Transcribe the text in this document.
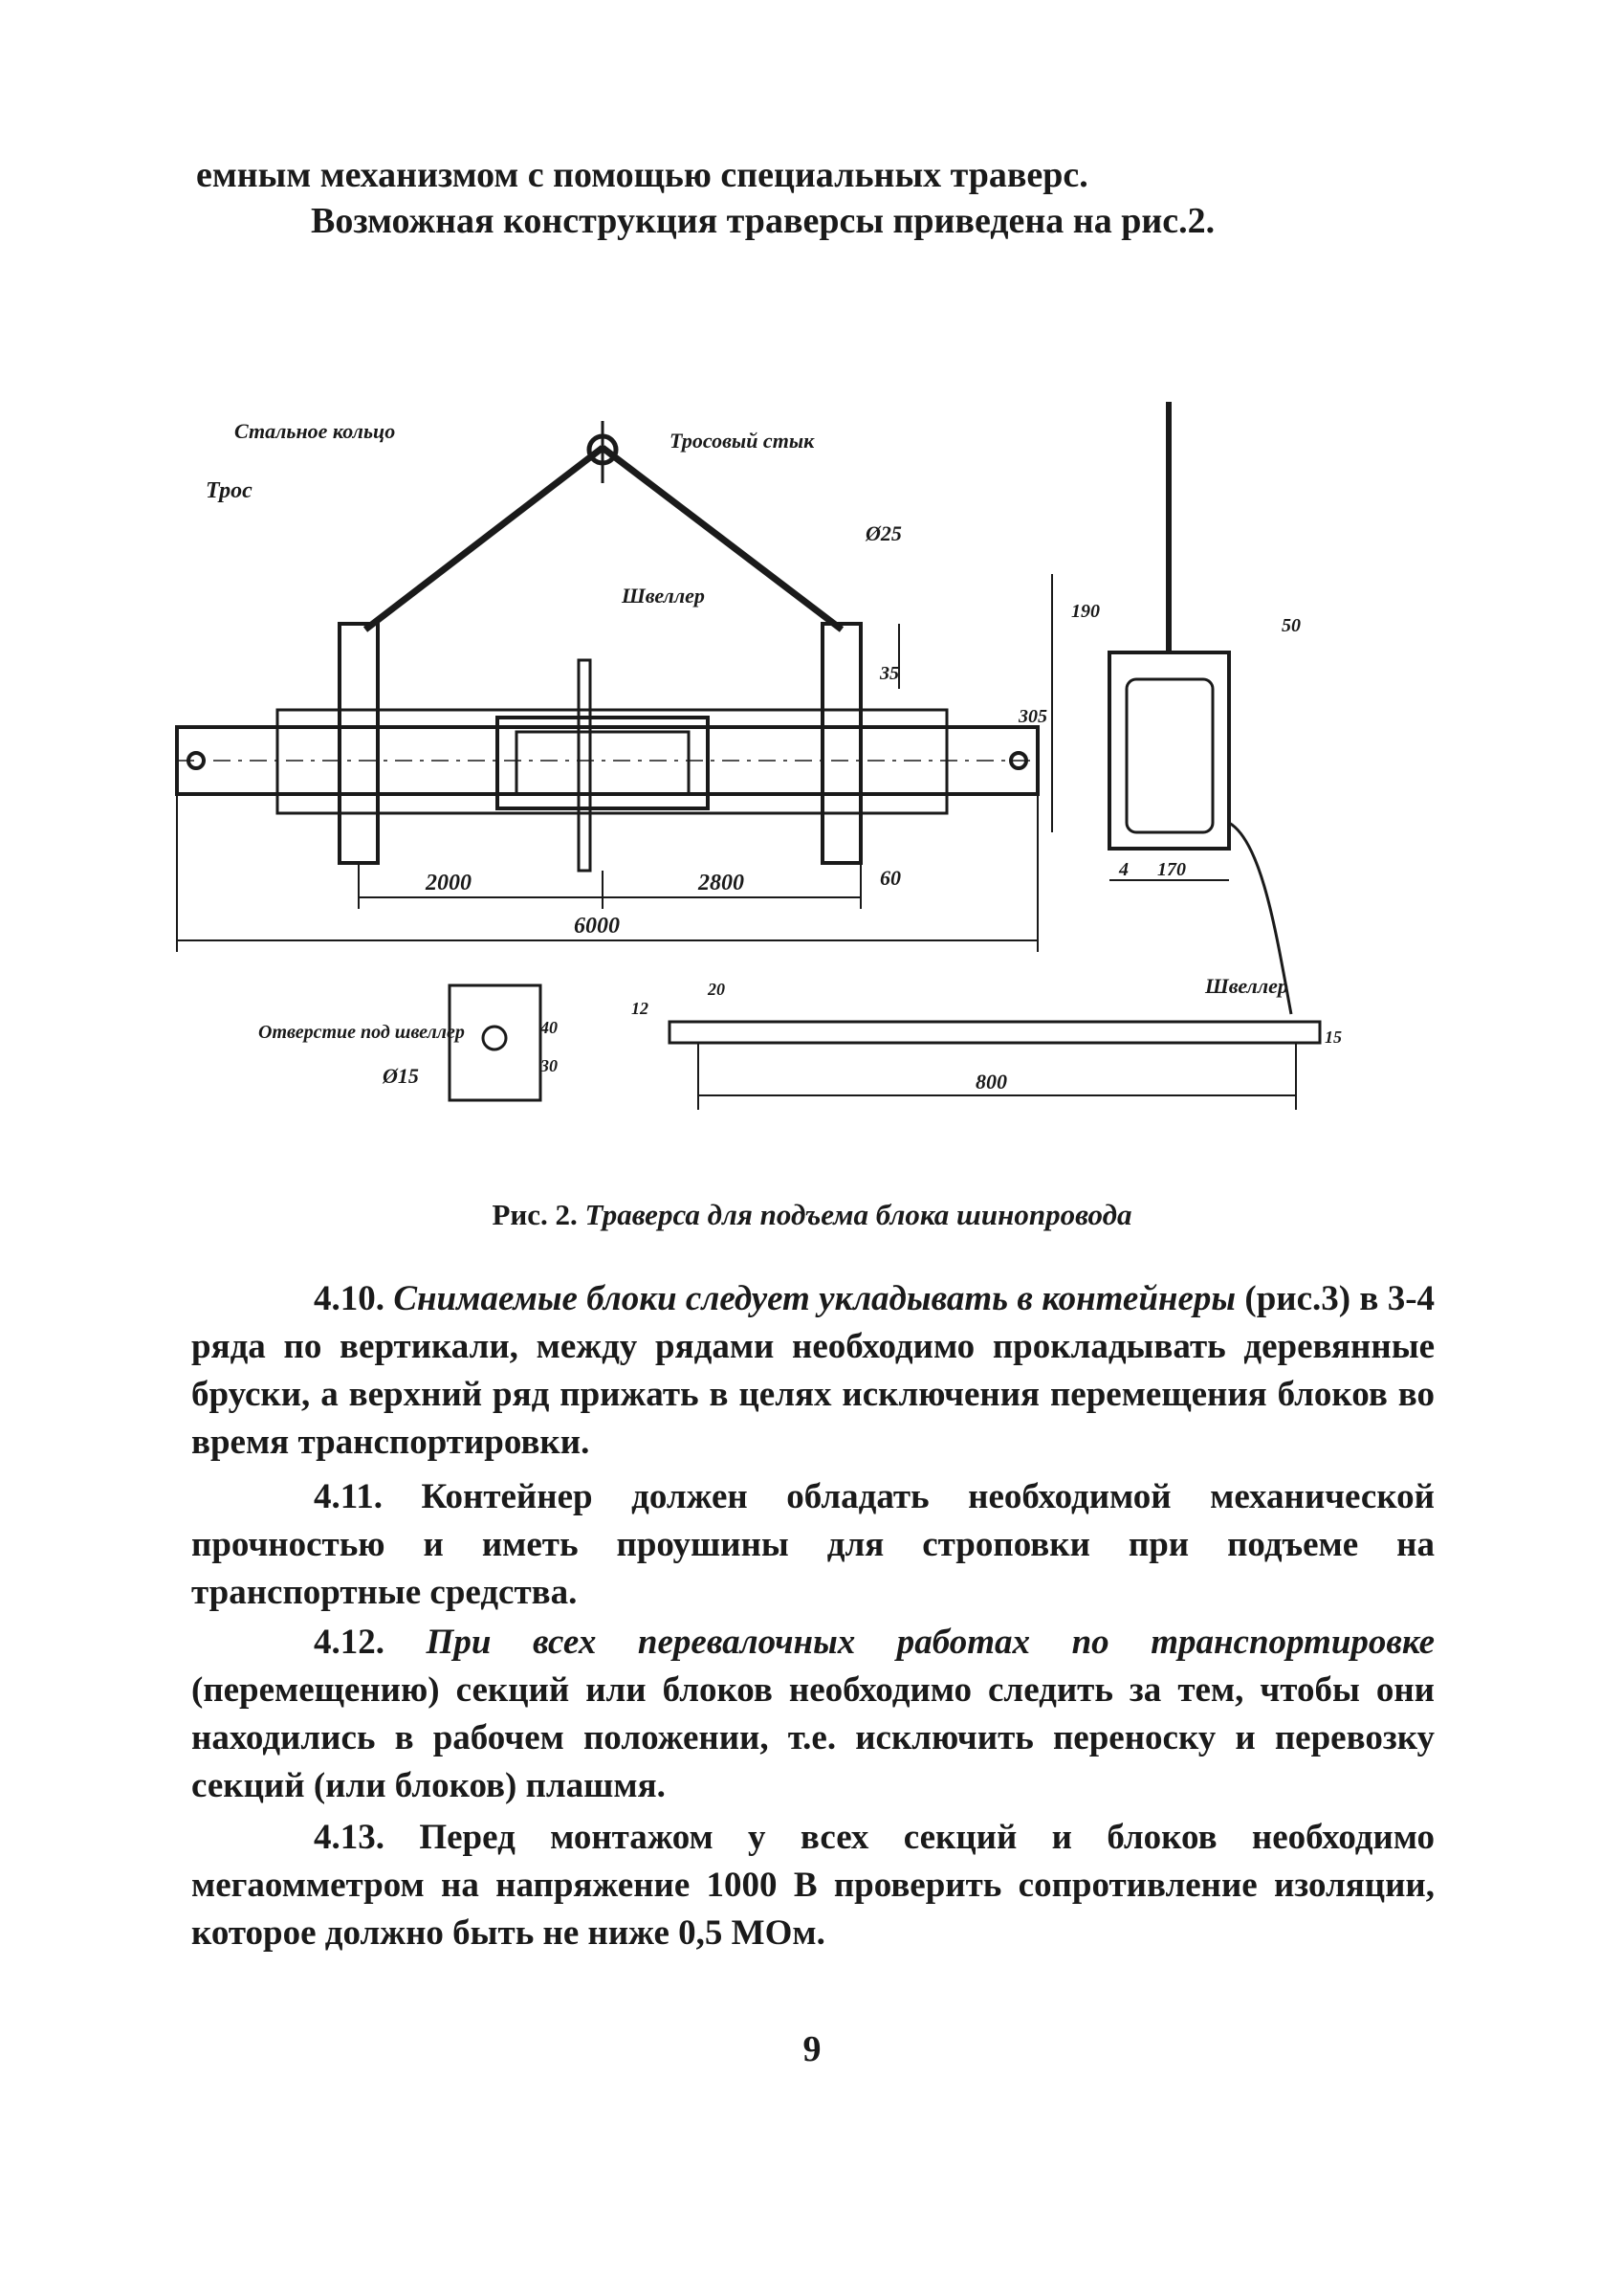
емным механизмом с помощью специальных траверс.
Возможная конструкция траверсы приведена на рис.2.
Стальное кольцо	Тросовый стык
Трос
Швеллер
Ø25
Отверстие под швеллер
Ø15
Швеллер
2000	2800	60
6000
35
305
190
170
4
50
40
30
800
12
20
15
Рис. 2. Траверса для подъема блока шинопровода

4.10. Снимаемые блоки следует укладывать в контейнеры (рис.3) в 3-4 ряда по вертикали, между рядами необходимо прокладывать деревянные бруски, а верхний ряд прижать в целях исключения перемещения блоков во время транспортировки.

4.11. Контейнер должен обладать необходимой механической прочностью и иметь проушины для строповки при подъеме на транспортные средства.

4.12. При всех перевалочных работах по транспортировке (перемещению) секций или блоков необходимо следить за тем, чтобы они находились в рабочем положении, т.е. исключить переноску и перевозку секций (или блоков) плашмя.

4.13. Перед монтажом у всех секций и блоков необходимо мегаомметром на напряжение 1000 В проверить сопротивление изоляции, которое должно быть не ниже 0,5 МОм.

9
